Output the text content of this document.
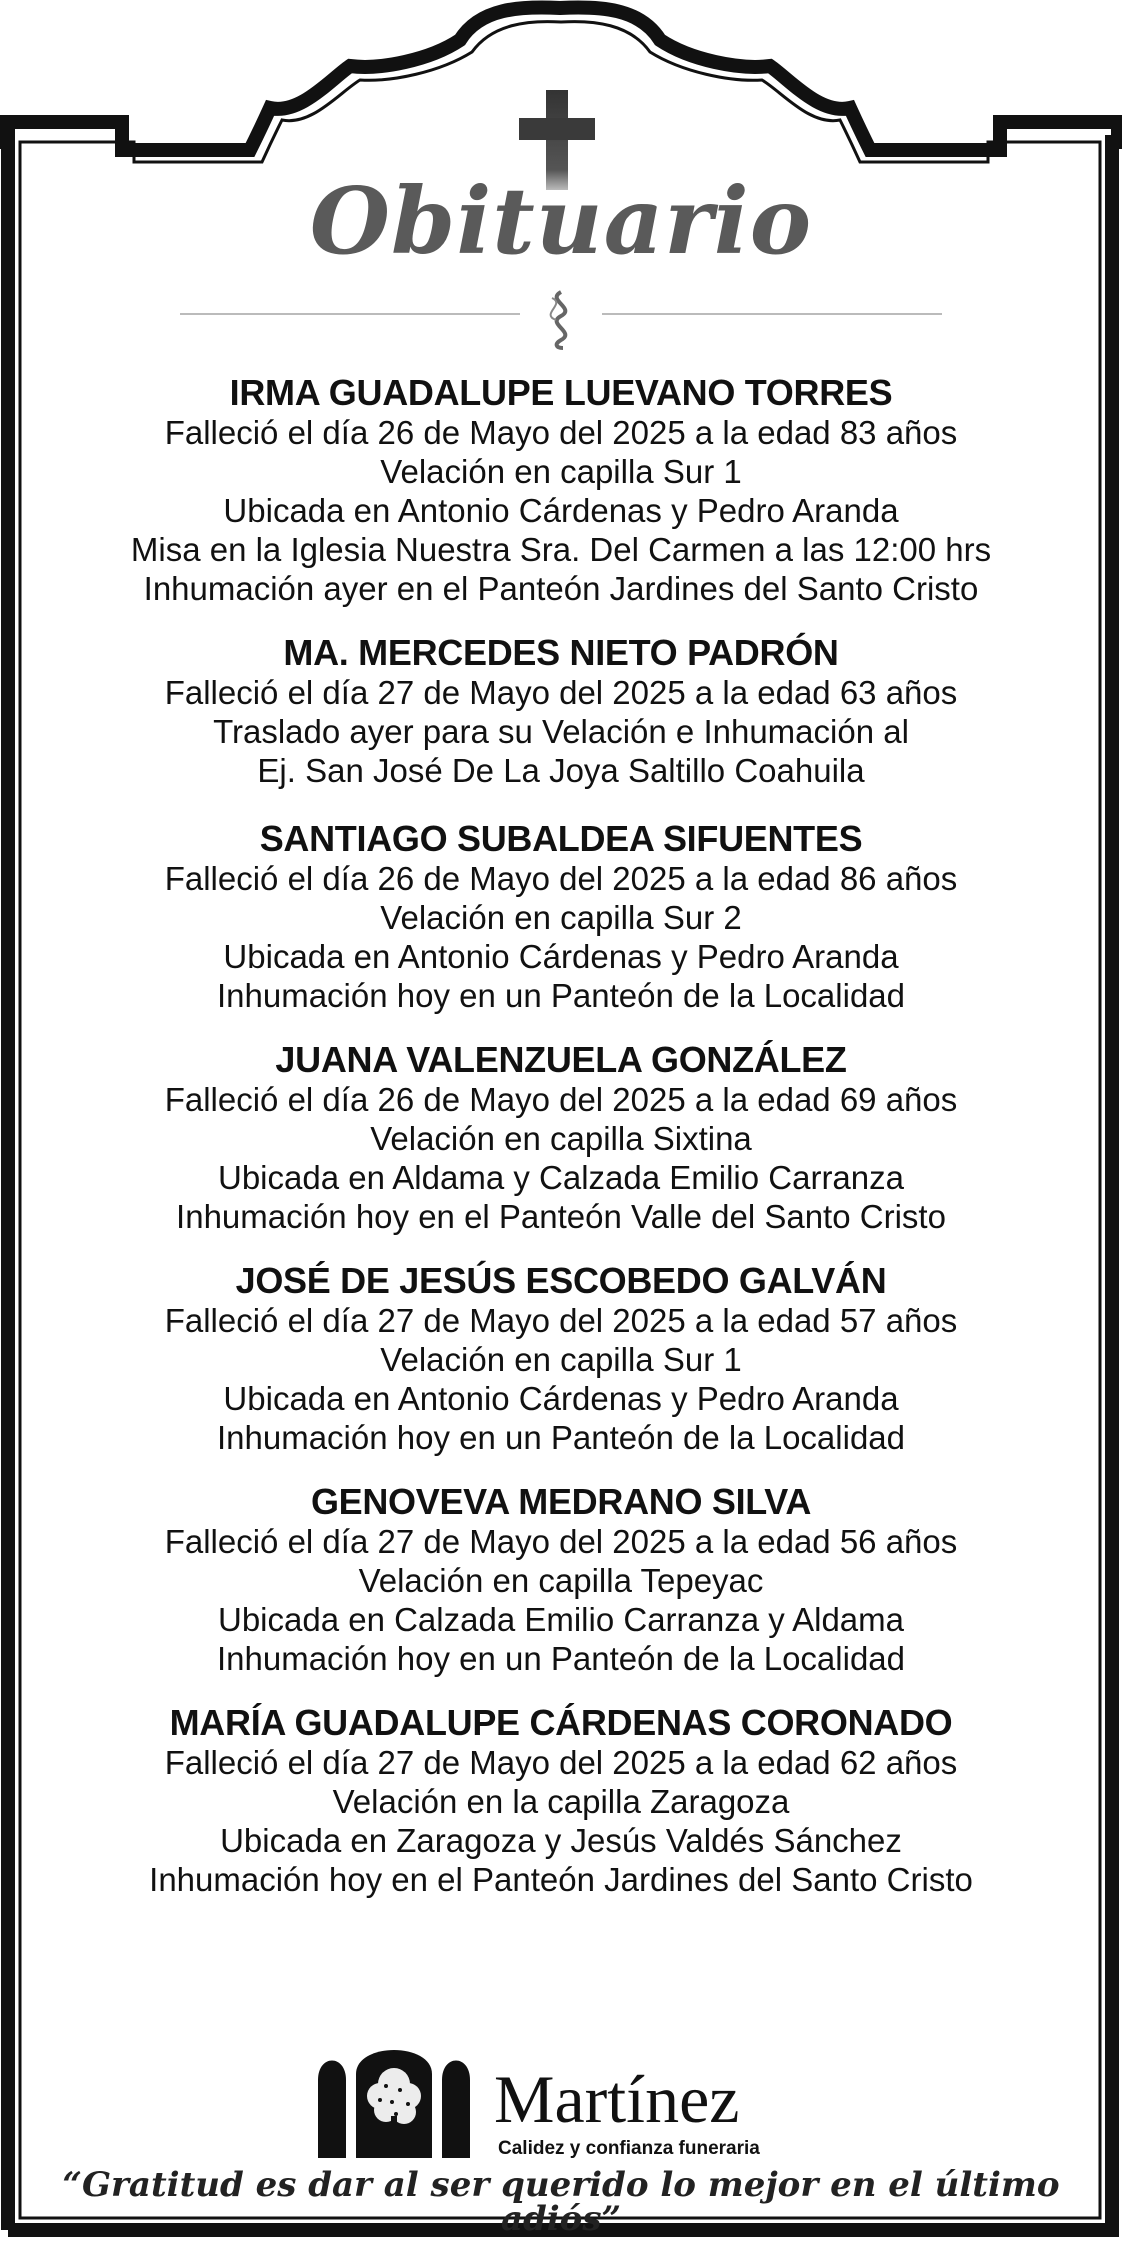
Obituario
IRMA GUADALUPE LUEVANO TORRES
Falleció el día 26 de Mayo del 2025 a la edad 83 años
Velación en capilla Sur 1
Ubicada en Antonio Cárdenas y Pedro Aranda
Misa en la Iglesia Nuestra Sra. Del Carmen a las 12:00 hrs
Inhumación ayer en el Panteón Jardines del Santo Cristo
MA. MERCEDES NIETO PADRÓN
Falleció el día 27 de Mayo del 2025 a la edad 63 años
Traslado ayer para su Velación e Inhumación al
Ej. San José De La Joya Saltillo Coahuila
SANTIAGO SUBALDEA SIFUENTES
Falleció el día 26 de Mayo del 2025 a la edad 86 años
Velación en capilla Sur 2
Ubicada en Antonio Cárdenas y Pedro Aranda
Inhumación hoy en un Panteón de la Localidad
JUANA VALENZUELA GONZÁLEZ
Falleció el día 26 de Mayo del 2025 a la edad 69 años
Velación en capilla Sixtina
Ubicada en Aldama y Calzada Emilio Carranza
Inhumación hoy en el Panteón Valle del Santo Cristo
JOSÉ DE JESÚS ESCOBEDO GALVÁN
Falleció el día 27 de Mayo del 2025 a la edad 57 años
Velación en capilla Sur 1
Ubicada en Antonio Cárdenas y Pedro Aranda
Inhumación hoy en un Panteón de la Localidad
GENOVEVA MEDRANO SILVA
Falleció el día 27 de Mayo del 2025 a la edad 56 años
Velación en capilla Tepeyac
Ubicada en Calzada Emilio Carranza y Aldama
Inhumación hoy en un Panteón de la Localidad
MARÍA GUADALUPE CÁRDENAS CORONADO
Falleció el día 27 de Mayo del 2025 a la edad 62 años
Velación en la capilla Zaragoza
Ubicada en Zaragoza y Jesús Valdés Sánchez
Inhumación hoy en el Panteón Jardines del Santo Cristo
Martínez
Calidez y confianza funeraria
“Gratitud es dar al ser querido lo mejor en el último adiós”
